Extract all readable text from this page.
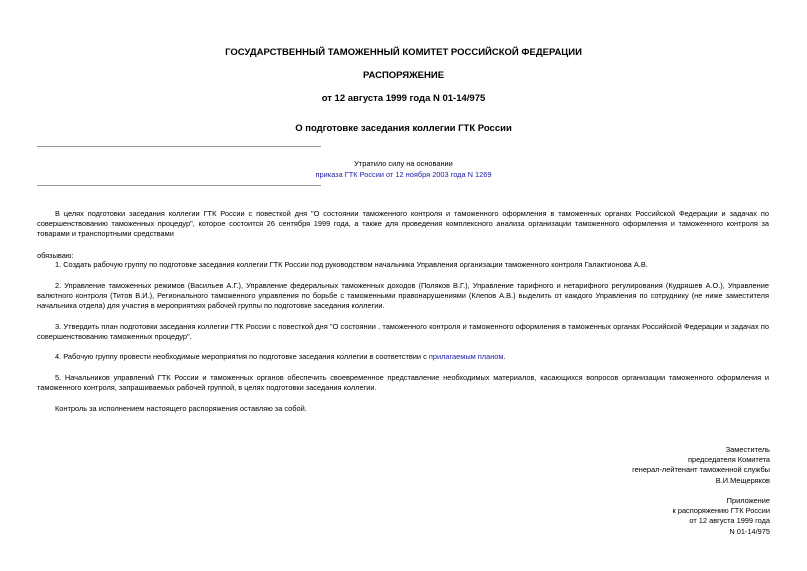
ГОСУДАРСТВЕННЫЙ ТАМОЖЕННЫЙ КОМИТЕТ РОССИЙСКОЙ ФЕДЕРАЦИИ
РАСПОРЯЖЕНИЕ
от 12 августа 1999 года N 01-14/975
О подготовке заседания коллегии ГТК России
Утратило силу на основании
приказа ГТК России от 12 ноября 2003 года N 1269
В целях подготовки заседания коллегии ГТК России с повесткой дня "О состоянии таможенного контроля и таможенного оформления в таможенных органах Российской Федерации и задачах по совершенствованию таможенных процедур", которое состоится 26 сентября 1999 года, а также для проведения комплексного анализа организации таможенного оформления и таможенного контроля за товарами и транспортными средствами
обязываю:
1. Создать рабочую группу по подготовке заседания коллегии ГТК России под руководством начальника Управления организации таможенного контроля Галактионова А.В.
2. Управление таможенных режимов (Васильев А.Г.), Управление федеральных таможенных доходов (Поляков В.Г.), Управление тарифного и нетарифного регулирования (Кудряшев А.О.), Управление валютного контроля (Титов В.И.), Регионального таможенного управления по борьбе с таможенными правонарушениями (Клепов А.В.) выделить от каждого Управления по сотруднику (не ниже заместителя начальника отдела) для участия в мероприятиях рабочей группы по подготовке заседания коллегии.
3. Утвердить план подготовки заседания коллегии ГТК России с повесткой дня "О состоянии . таможенного контроля и таможенного оформления в таможенных органах Российской Федерации и задачах по совершенствованию таможенных процедур".
4. Рабочую группу провести необходимые мероприятия по подготовке заседания коллегии в соответствии с прилагаемым планом.
5. Начальников управлений ГТК России и таможенных органов обеспечить своевременное представление необходимых материалов, касающихся вопросов организации таможенного оформления и таможенного контроля, запрашиваемых рабочей группой, в целях подготовки заседания коллегии.
Контроль за исполнением настоящего распоряжения оставляю за собой.
Заместитель
председателя Комитета
генерал-лейтенант таможенной службы
В.И.Мещеряков
Приложение
к распоряжению ГТК России
от 12 августа 1999 года
N 01-14/975
